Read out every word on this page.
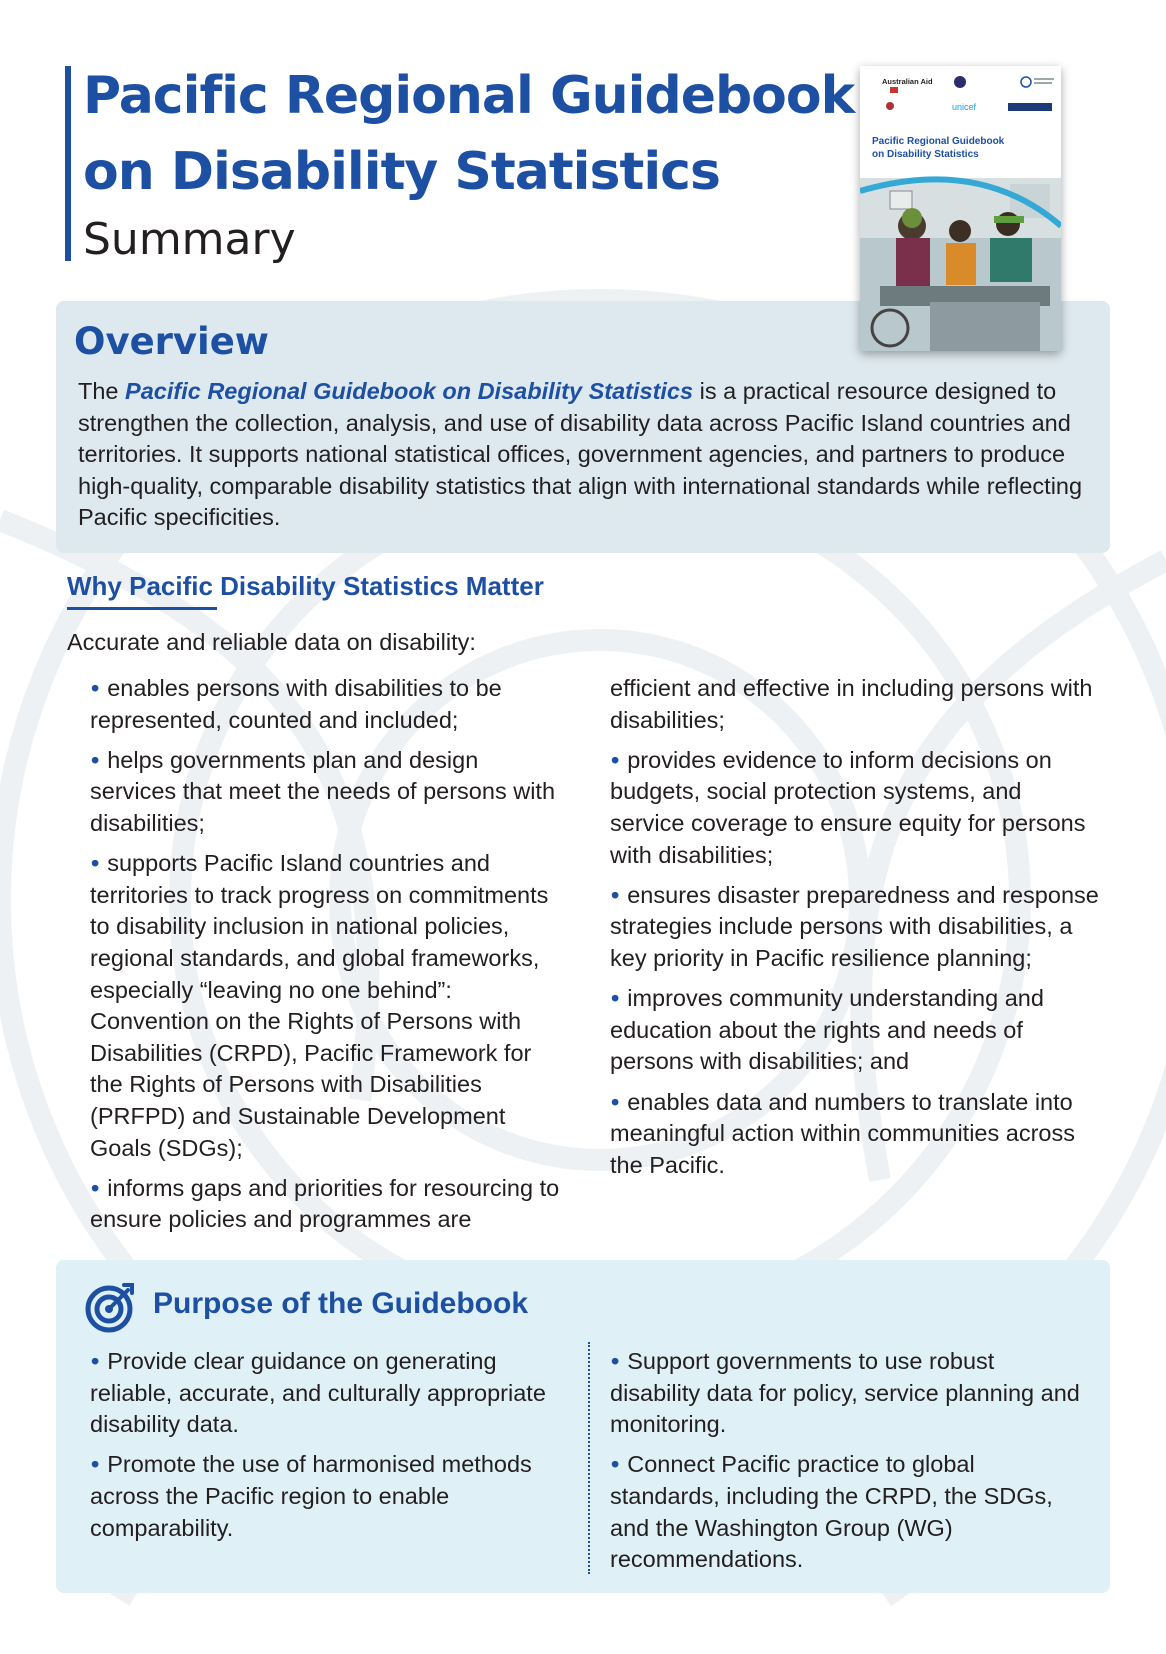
Pacific Regional Guidebook
on Disability Statistics
Summary
Overview
The Pacific Regional Guidebook on Disability Statistics is a practical resource designed to strengthen the collection, analysis, and use of disability data across Pacific Island countries and territories. It supports national statistical offices, government agencies, and partners to produce high-quality, comparable disability statistics that align with international standards while reflecting Pacific specificities.
Australian Aid
unicef
Pacific Regional Guidebook
on Disability Statistics
Why Pacific Disability Statistics Matter
Accurate and reliable data on disability:
• enables persons with disabilities to be represented, counted and included;
• helps governments plan and design services that meet the needs of persons with disabilities;
• supports Pacific Island countries and territories to track progress on commitments to disability inclusion in national policies, regional standards, and global frameworks, especially “leaving no one behind”: Convention on the Rights of Persons with Disabilities (CRPD), Pacific Framework for the Rights of Persons with Disabilities (PRFPD) and Sustainable Development Goals (SDGs);
• informs gaps and priorities for resourcing to ensure policies and programmes are
efficient and effective in including persons with disabilities;
• provides evidence to inform decisions on budgets, social protection systems, and service coverage to ensure equity for persons with disabilities;
• ensures disaster preparedness and response strategies include persons with disabilities, a key priority in Pacific resilience planning;
• improves community understanding and education about the rights and needs of persons with disabilities; and
• enables data and numbers to translate into meaningful action within communities across the Pacific.
Purpose of the Guidebook
• Provide clear guidance on generating reliable, accurate, and culturally appropriate disability data.
• Promote the use of harmonised methods across the Pacific region to enable comparability.
• Support governments to use robust disability data for policy, service planning and monitoring.
• Connect Pacific practice to global standards, including the CRPD, the SDGs, and the Washington Group (WG) recommendations.
